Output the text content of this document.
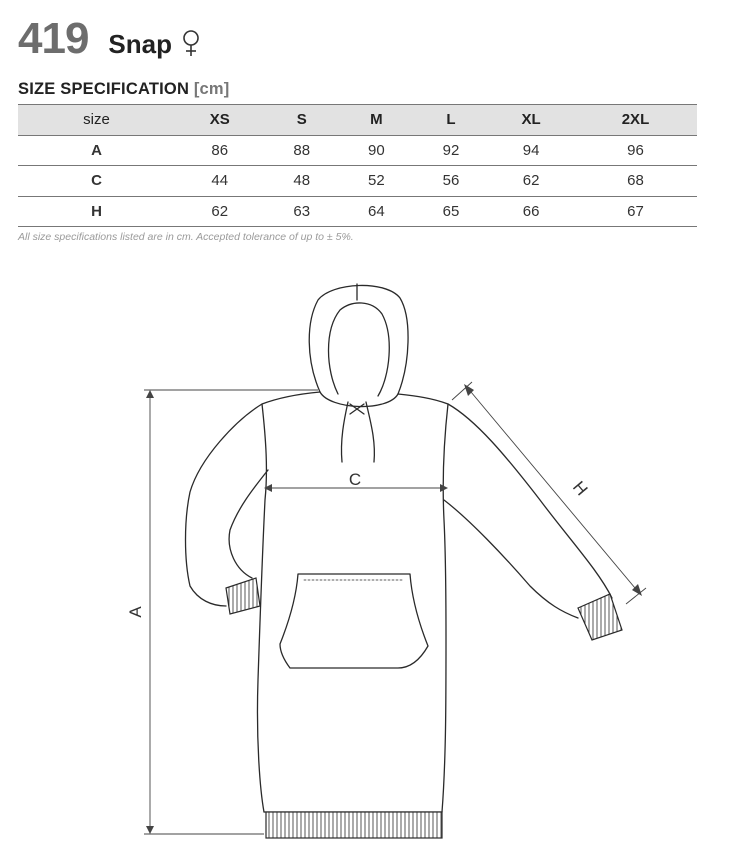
419 Snap
SIZE SPECIFICATION [cm]
size	XS	S	M	L	XL	2XL
A	86	88	90	92	94	96
C	44	48	52	56	62	68
H	62	63	64	65	66	67
All size specifications listed are in cm. Accepted tolerance of up to ± 5%.
A
C	H
